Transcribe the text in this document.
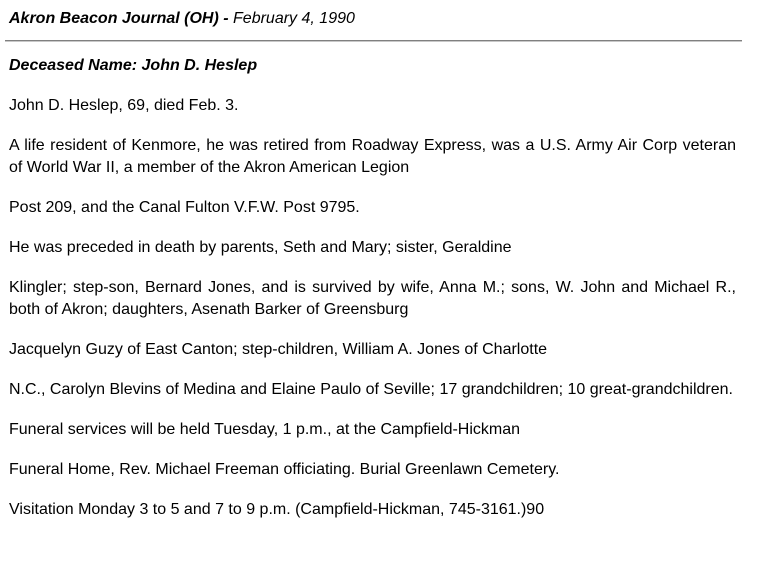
Akron Beacon Journal (OH) - February 4, 1990

Deceased Name: John D. Heslep

John D. Heslep, 69, died Feb. 3.

A life resident of Kenmore, he was retired from Roadway Express, was a U.S. Army Air Corp veteran of World War II, a member of the Akron American Legion

Post 209, and the Canal Fulton V.F.W. Post 9795.

He was preceded in death by parents, Seth and Mary; sister, Geraldine

Klingler; step-son, Bernard Jones, and is survived by wife, Anna M.; sons, W. John and Michael R., both of Akron; daughters, Asenath Barker of Greensburg

Jacquelyn Guzy of East Canton; step-children, William A. Jones of Charlotte

N.C., Carolyn Blevins of Medina and Elaine Paulo of Seville; 17 grandchildren; 10 great-grandchildren.

Funeral services will be held Tuesday, 1 p.m., at the Campfield-Hickman

Funeral Home, Rev. Michael Freeman officiating. Burial Greenlawn Cemetery.

Visitation Monday 3 to 5 and 7 to 9 p.m. (Campfield-Hickman, 745-3161.)90
